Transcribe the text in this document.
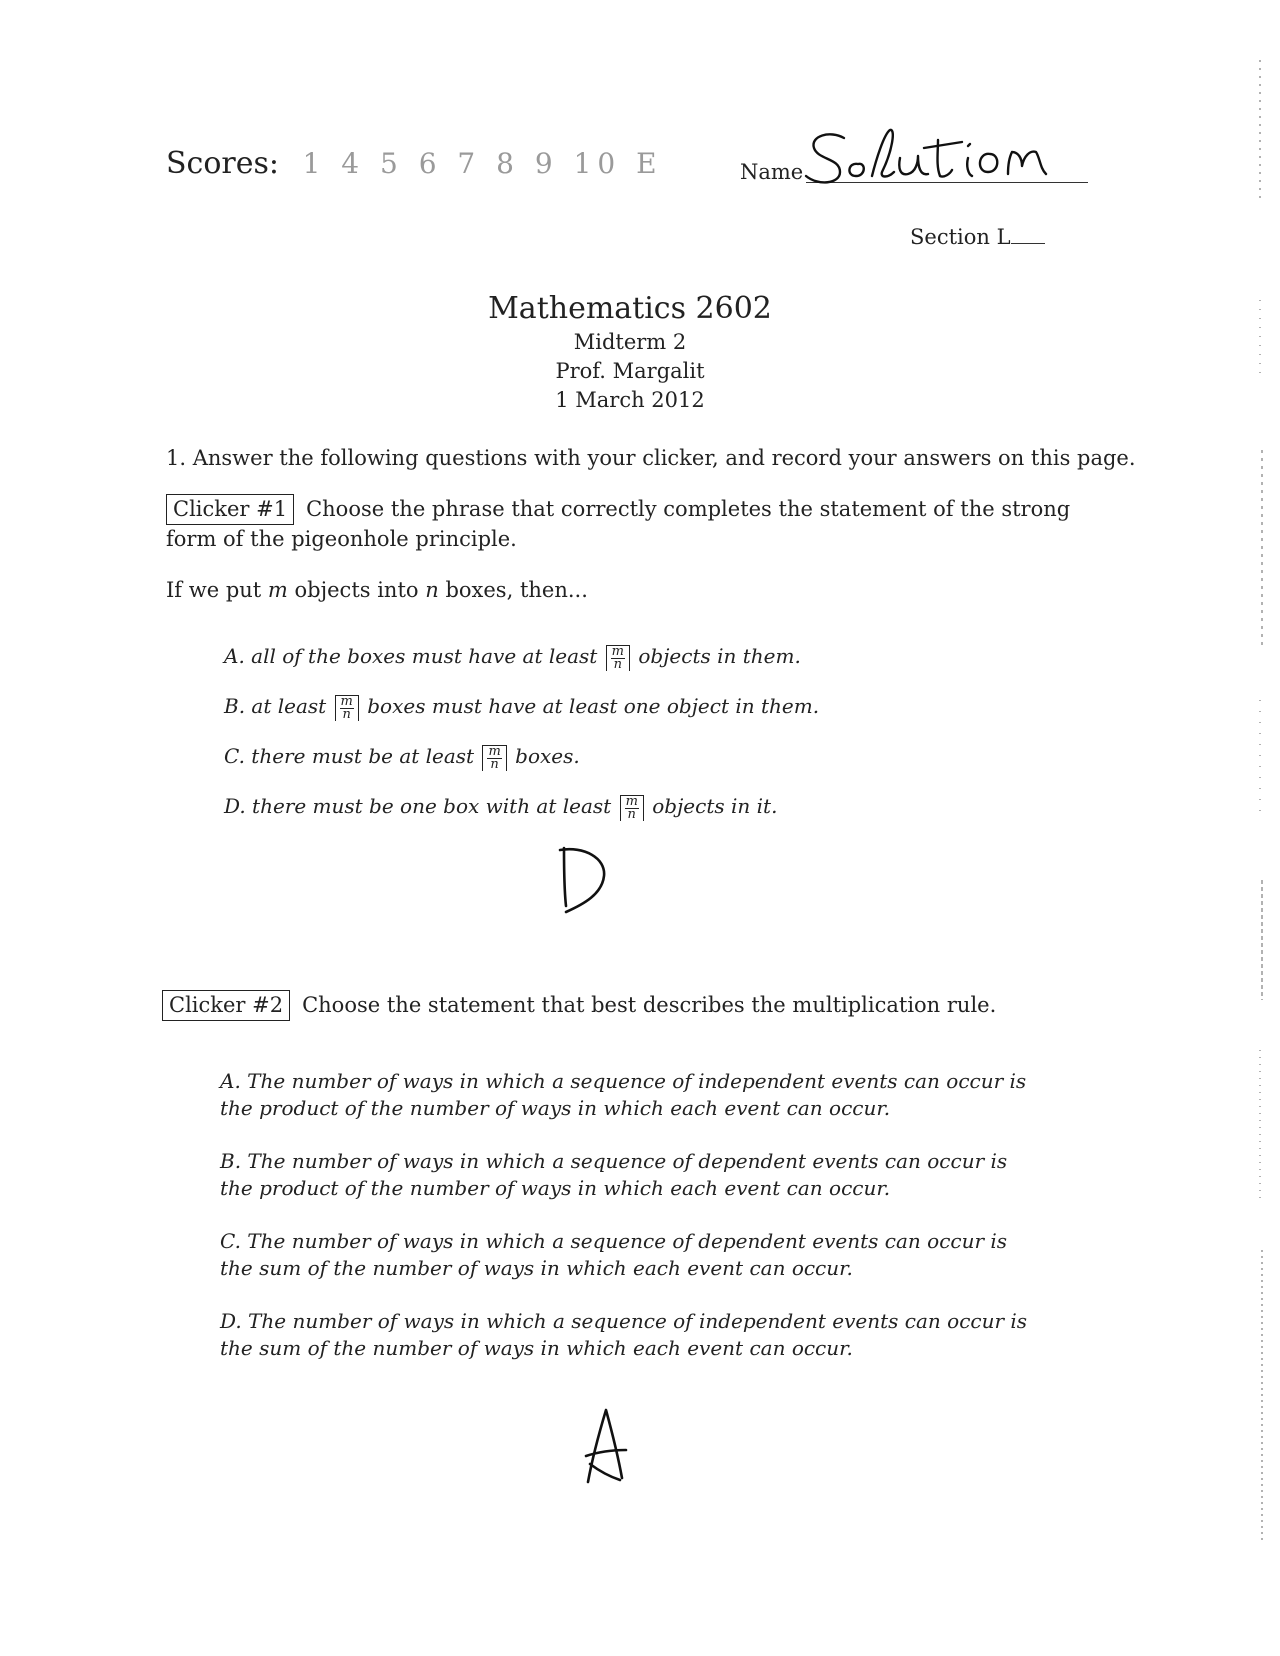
Scores: 1 4 5 6 7 8 9 10 E	Name
Section L
Mathematics 2602
Midterm 2
Prof. Margalit
1 March 2012
1. Answer the following questions with your clicker, and record your answers on this page.
Clicker #1 Choose the phrase that correctly completes the statement of the strong form of the pigeonhole principle.
If we put m objects into n boxes, then...
A. all of the boxes must have at least $\frac{m}{n}$ objects in them.
B. at least $\frac{m}{n}$ boxes must have at least one object in them.
C. there must be at least $\frac{m}{n}$ boxes.
D. there must be one box with at least $\frac{m}{n}$ objects in it.
Clicker #2 Choose the statement that best describes the multiplication rule.
A. The number of ways in which a sequence of independent events can occur is the product of the number of ways in which each event can occur.
B. The number of ways in which a sequence of dependent events can occur is the product of the number of ways in which each event can occur.
C. The number of ways in which a sequence of dependent events can occur is the sum of the number of ways in which each event can occur.
D. The number of ways in which a sequence of independent events can occur is the sum of the number of ways in which each event can occur.
